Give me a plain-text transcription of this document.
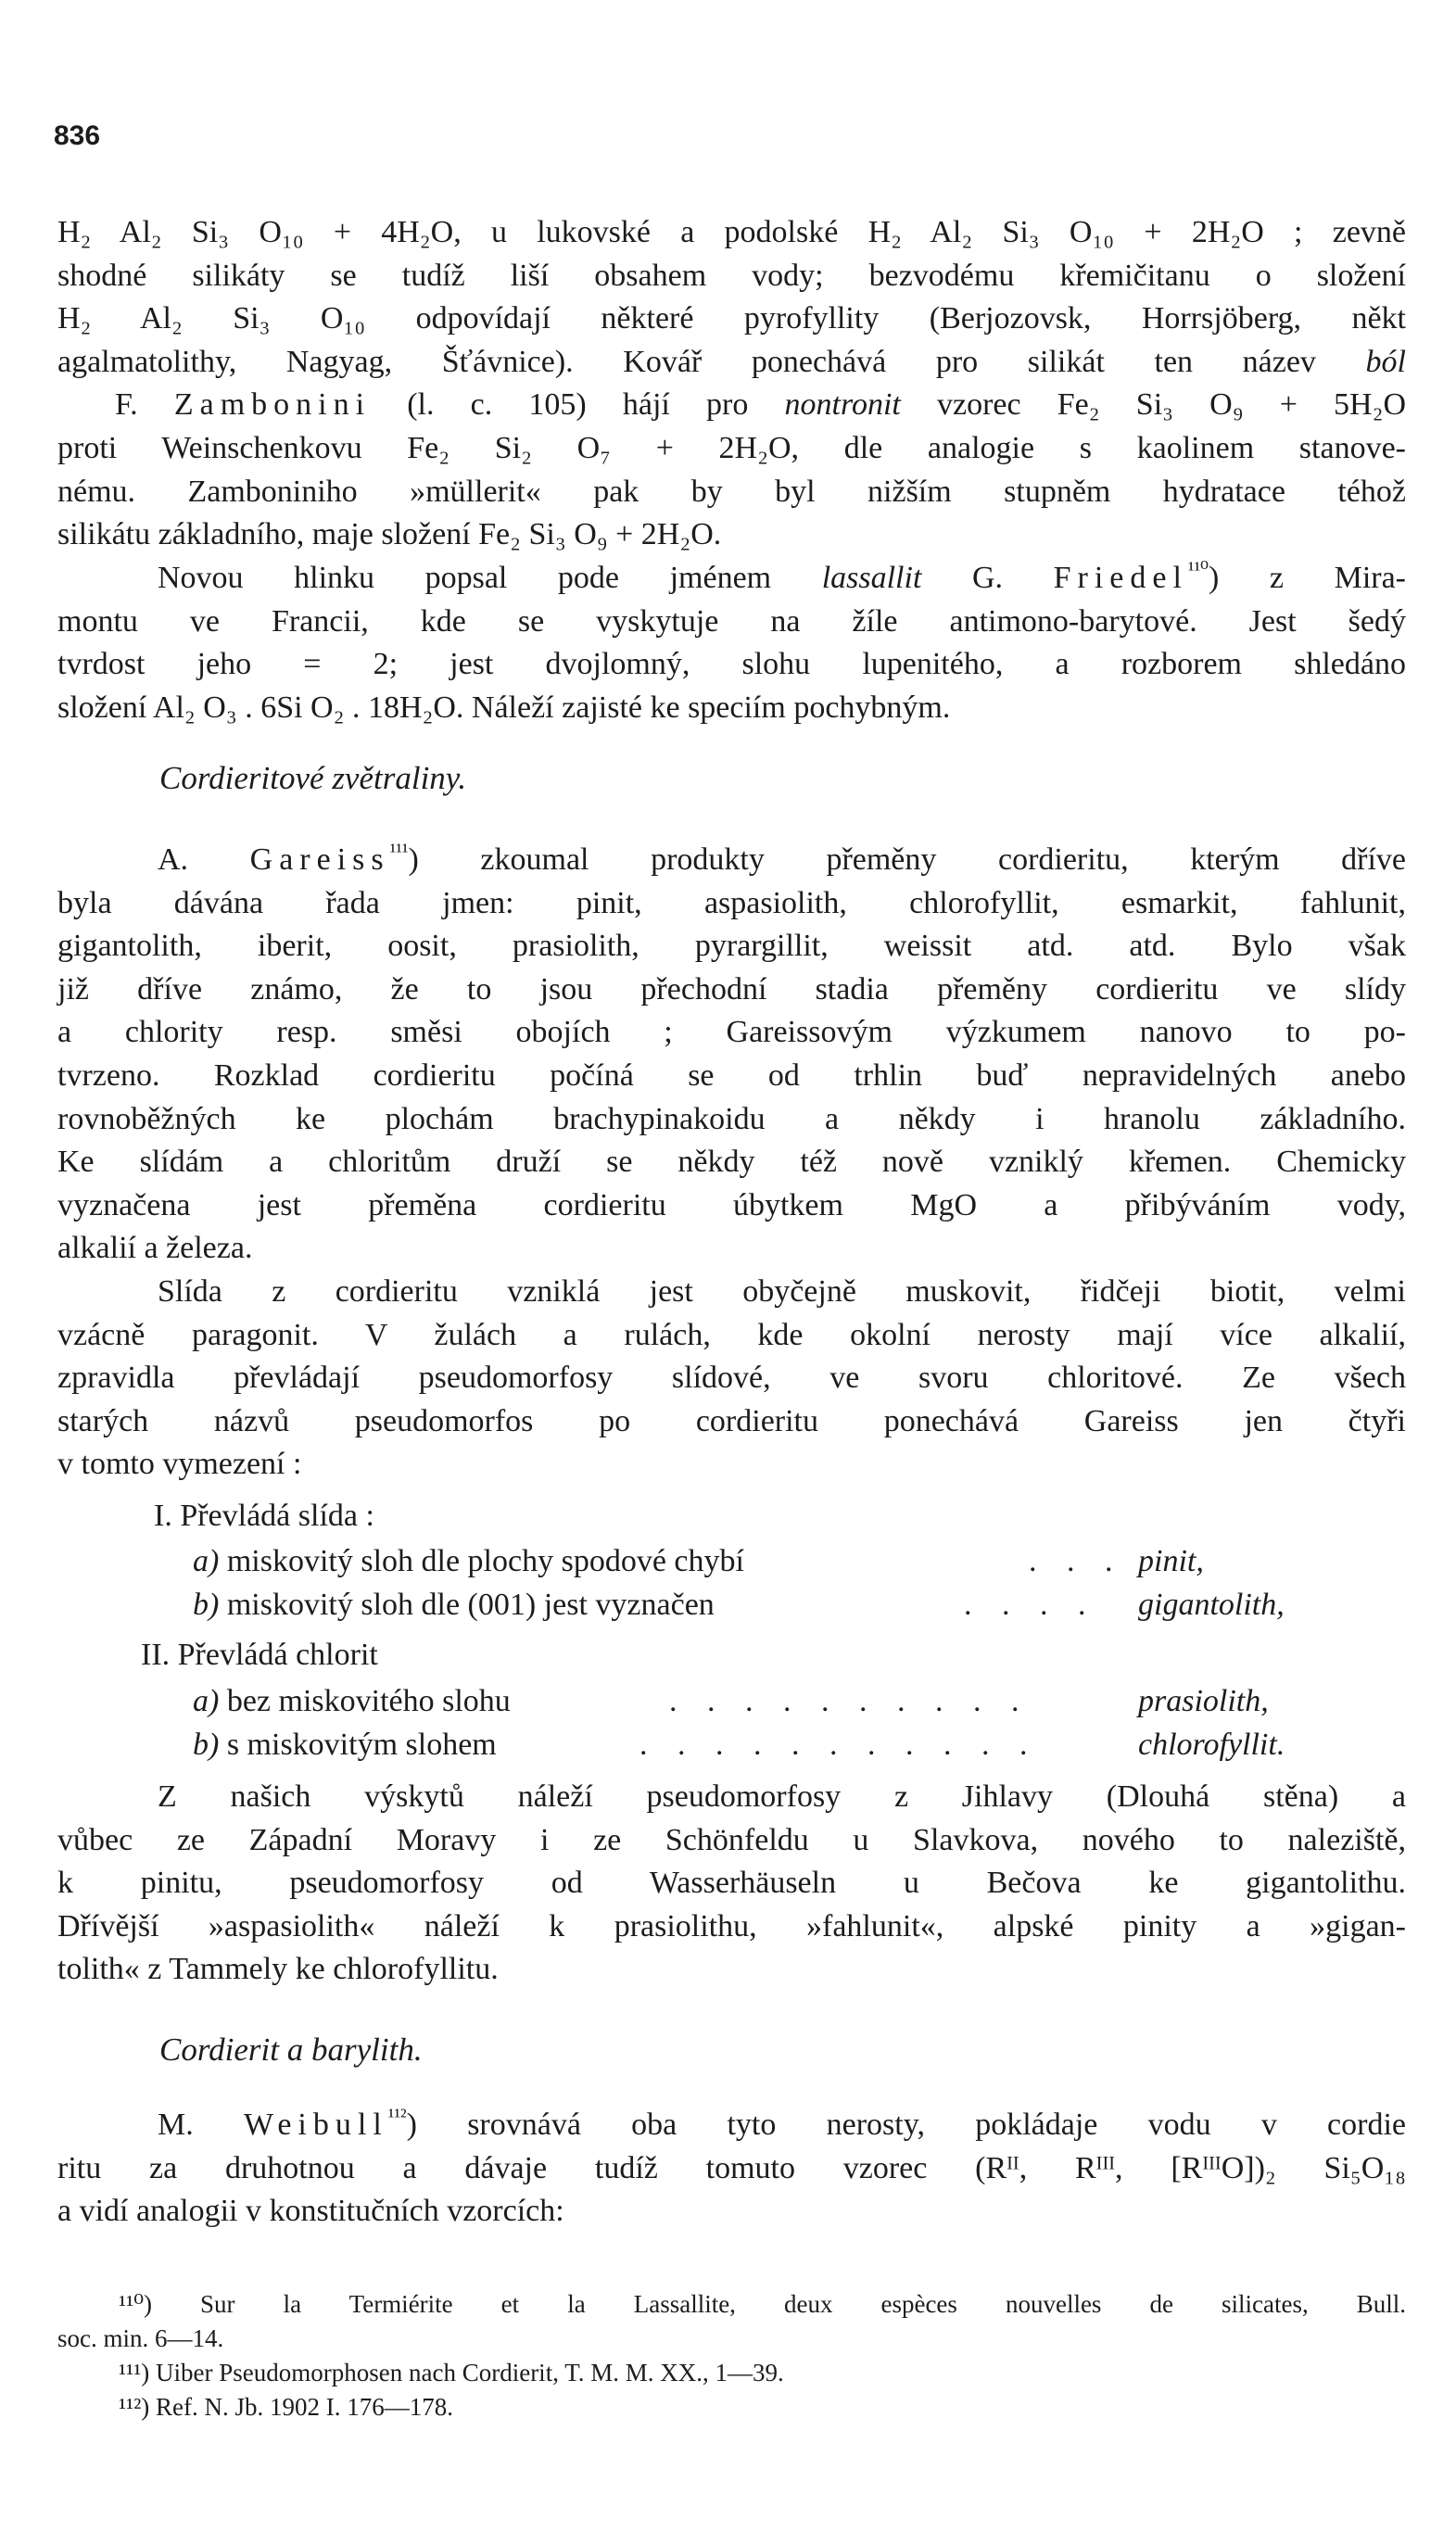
836
H₂ Al₂ Si₃ O₁₀ + 4H₂O, u lukovské a podolské H₂ Al₂ Si₃ O₁₀ + 2H₂O ; zevně
shodné silikáty se tudíž liší obsahem vody; bezvodému křemičitanu o složení
H₂ Al₂ Si₃ O₁₀ odpovídají některé pyrofyllity (Berjozovsk, Horrsjöberg, někt
agalmatolithy, Nagyag, Šťávnice). Kovář ponechává pro silikát ten název ból
F. Zambonini (l. c. 105) hájí pro nontronit vzorec Fe₂ Si₃ O₉ + 5H₂O
proti Weinschenkovu Fe₂ Si₂ O₇ + 2H₂O, dle analogie s kaolinem stanove-
nému. Zamboniniho »müllerit« pak by byl nižším stupněm hydratace téhož
silikátu základního, maje složení Fe₂ Si₃ O₉ + 2H₂O.
Novou hlinku popsal pode jménem lassallit G. Friedel$^{^{110}}$) z Mira-
montu ve Francii, kde se vyskytuje na žíle antimono-barytové. Jest šedý
tvrdost jeho = 2; jest dvojlomný, slohu lupenitého, a rozborem shledáno
složení Al₂ O₃ . 6Si O₂ . 18H₂O. Náleží zajisté ke speciím pochybným.
Cordieritové zvětraliny.
A. Gareiss$^{^{111}}$) zkoumal produkty přeměny cordieritu, kterým dříve
byla dávána řada jmen: pinit, aspasiolith, chlorofyllit, esmarkit, fahlunit,
gigantolith, iberit, oosit, prasiolith, pyrargillit, weissit atd. atd. Bylo však
již dříve známo, že to jsou přechodní stadia přeměny cordieritu ve slídy
a chlority resp. směsi obojích ; Gareissovým výzkumem nanovo to po-
tvrzeno. Rozklad cordieritu počíná se od trhlin buď nepravidelných anebo
rovnoběžných ke plochám brachypinakoidu a někdy i hranolu základního.
Ke slídám a chloritům druží se někdy též nově vzniklý křemen. Chemicky
vyznačena jest přeměna cordieritu úbytkem MgO a přibýváním vody,
alkalií a železa.
Slída z cordieritu vzniklá jest obyčejně muskovit, řidčeji biotit, velmi
vzácně paragonit. V žulách a rulách, kde okolní nerosty mají více alkalií,
zpravidla převládají pseudomorfosy slídové, ve svoru chloritové. Ze všech
starých názvů pseudomorfos po cordieritu ponechává Gareiss jen čtyři
v tomto vymezení :
I. Převládá slída :
a) miskovitý sloh dle plochy spodové chybí	. . . pinit,
b) miskovitý sloh dle (001) jest vyznačen	. . . . gigantolith,
II. Převládá chlorit
a) bez miskovitého slohu	. . . . . . . . . .	prasiolith,
b) s miskovitým slohem	. . . . . . . . . . .	chlorofyllit.
Z našich výskytů náleží pseudomorfosy z Jihlavy (Dlouhá stěna) a
vůbec ze Západní Moravy i ze Schönfeldu u Slavkova, nového to naleziště,
k pinitu, pseudomorfosy od Wasserhäuseln u Bečova ke gigantolithu.
Dřívější »aspasiolith« náleží k prasiolithu, »fahlunit«, alpské pinity a »gigan-
tolith« z Tammely ke chlorofyllitu.
Cordierit a barylith.
M. Weibull$^{^{112}}$) srovnává oba tyto nerosty, pokládaje vodu v cordie
ritu za druhotnou a dávaje tudíž tomuto vzorec (Rᴵᴵ, Rᴵᴵᴵ, [RᴵᴵᴵO])₂ Si₅O₁₈
a vidí analogii v konstitučních vzorcích:
¹¹⁰) Sur la Termiérite et la Lassallite, deux espèces nouvelles de silicates, Bull.
soc. min. 6—14.
¹¹¹) Uiber Pseudomorphosen nach Cordierit, T. M. M. XX., 1—39.
¹¹²) Ref. N. Jb. 1902 I. 176—178.
